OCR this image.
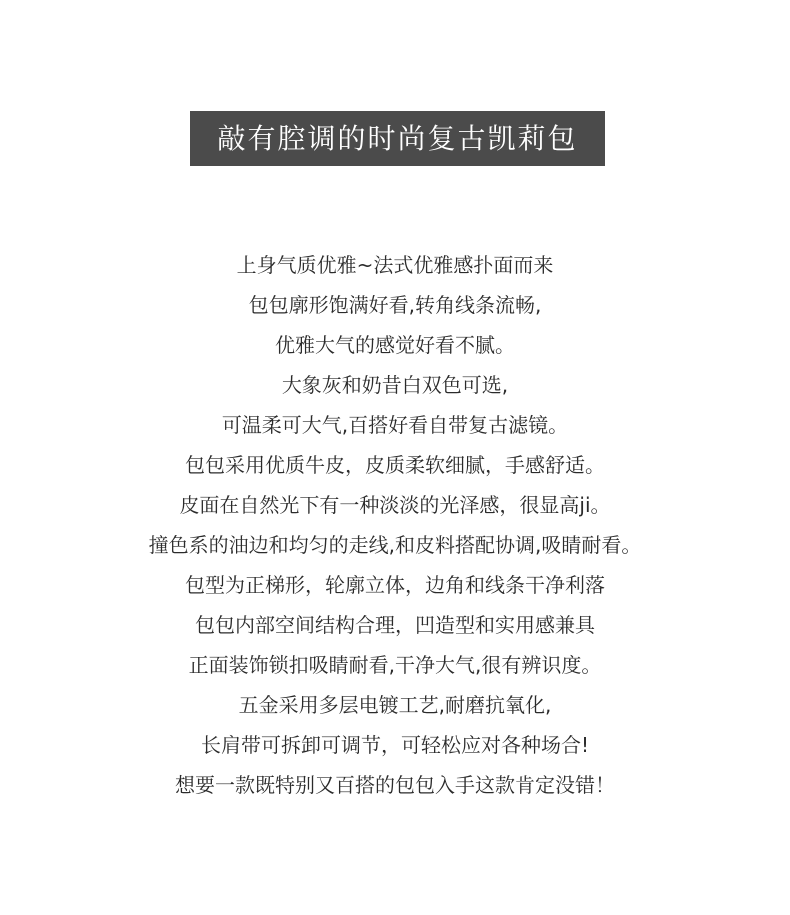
敲有腔调的时尚复古凯莉包

上身气质优雅~法式优雅感扑面而来

包包廓形饱满好看,转角线条流畅,

优雅大气的感觉好看不腻。

大象灰和奶昔白双色可选,

可温柔可大气,百搭好看自带复古滤镜。

包包采用优质牛皮，皮质柔软细腻，手感舒适。

皮面在自然光下有一种淡淡的光泽感，很显高ji。

撞色系的油边和均匀的走线,和皮料搭配协调,吸睛耐看。

包型为正梯形，轮廓立体，边角和线条干净利落

包包内部空间结构合理，凹造型和实用感兼具

正面装饰锁扣吸睛耐看,干净大气,很有辨识度。

五金采用多层电镀工艺,耐磨抗氧化,

长肩带可拆卸可调节，可轻松应对各种场合!

想要一款既特别又百搭的包包入手这款肯定没错！
